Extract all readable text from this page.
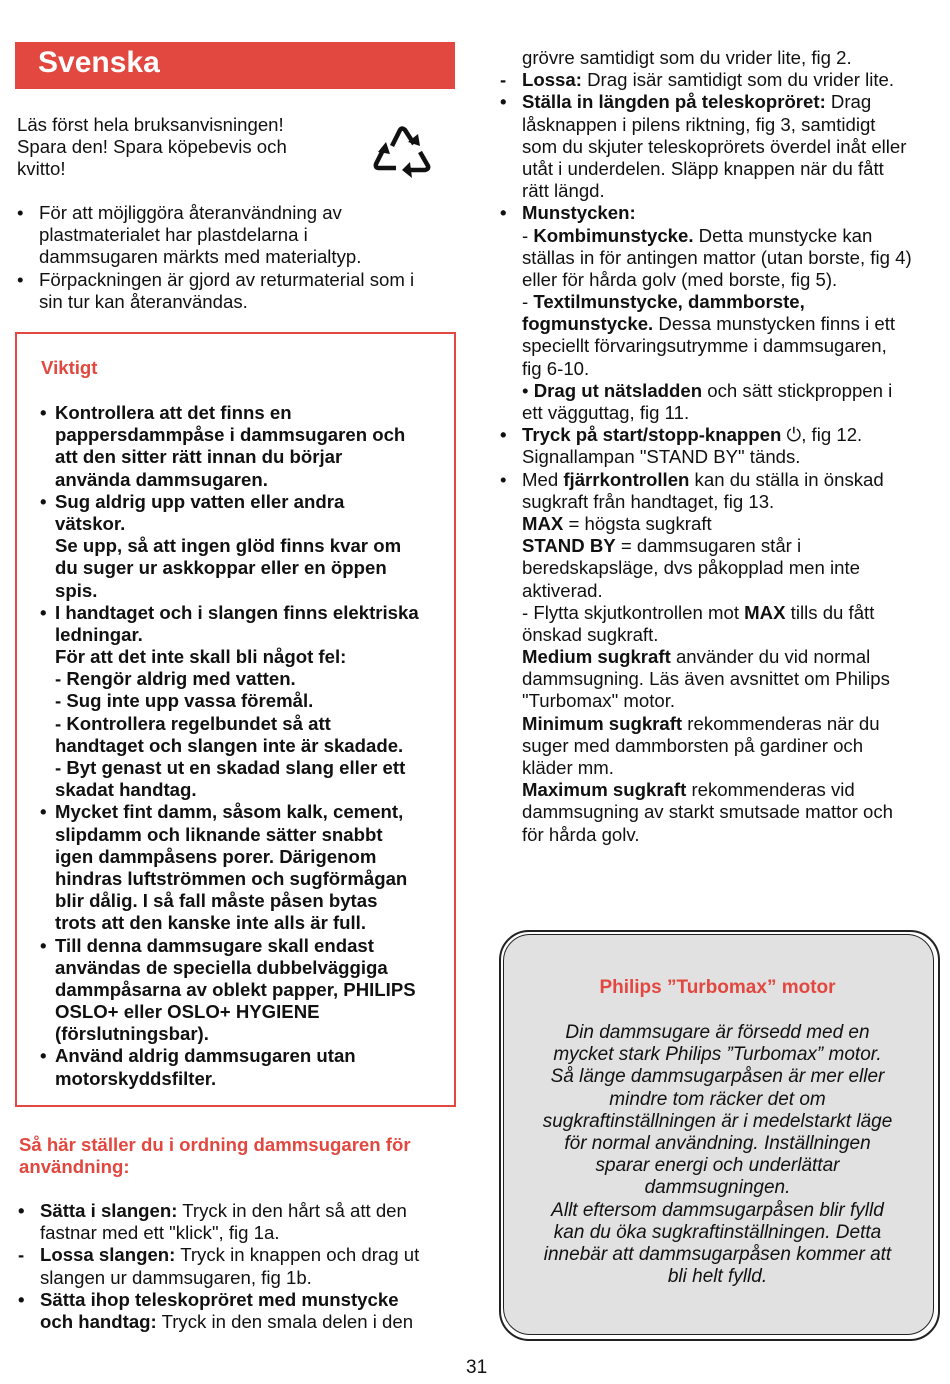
Svenska
Läs först hela bruksanvisningen!
Spara den! Spara köpebevis och
kvitto!
• För att möjliggöra återanvändning av
plastmaterialet har plastdelarna i
dammsugaren märkts med materialtyp.
• Förpackningen är gjord av returmaterial som i
sin tur kan återanvändas.
Viktigt
• Kontrollera att det finns en
pappersdammpåse i dammsugaren och
att den sitter rätt innan du börjar
använda dammsugaren.
• Sug aldrig upp vatten eller andra
vätskor.
Se upp, så att ingen glöd finns kvar om
du suger ur askkoppar eller en öppen
spis.
• I handtaget och i slangen finns elektriska
ledningar.
För att det inte skall bli något fel:
- Rengör aldrig med vatten.
- Sug inte upp vassa föremål.
- Kontrollera regelbundet så att
handtaget och slangen inte är skadade.
- Byt genast ut en skadad slang eller ett
skadat handtag.
• Mycket fint damm, såsom kalk, cement,
slipdamm och liknande sätter snabbt
igen dammpåsens porer. Därigenom
hindras luftströmmen och sugförmågan
blir dålig. I så fall måste påsen bytas
trots att den kanske inte alls är full.
• Till denna dammsugare skall endast
användas de speciella dubbelväggiga
dammpåsarna av oblekt papper, PHILIPS
OSLO+ eller OSLO+ HYGIENE
(förslutningsbar).
• Använd aldrig dammsugaren utan
motorskyddsfilter.
Så här ställer du i ordning dammsugaren för
användning:
• Sätta i slangen: Tryck in den hårt så att den
fastnar med ett "klick", fig 1a.
- Lossa slangen: Tryck in knappen och drag ut
slangen ur dammsugaren, fig 1b.
• Sätta ihop teleskopröret med munstycke
och handtag: Tryck in den smala delen i den
grövre samtidigt som du vrider lite, fig 2.
- Lossa: Drag isär samtidigt som du vrider lite.
• Ställa in längden på teleskopröret: Drag
låsknappen i pilens riktning, fig 3, samtidigt
som du skjuter teleskoprörets överdel inåt eller
utåt i underdelen. Släpp knappen när du fått
rätt längd.
• Munstycken:
- Kombimunstycke. Detta munstycke kan
ställas in för antingen mattor (utan borste, fig 4)
eller för hårda golv (med borste, fig 5).
- Textilmunstycke, dammborste,
fogmunstycke. Dessa munstycken finns i ett
speciellt förvaringsutrymme i dammsugaren,
fig 6-10.
• Drag ut nätsladden och sätt stickproppen i
ett vägguttag, fig 11.
• Tryck på start/stopp-knappen ⏻, fig 12.
Signallampan "STAND BY" tänds.
• Med fjärrkontrollen kan du ställa in önskad
sugkraft från handtaget, fig 13.
MAX = högsta sugkraft
STAND BY = dammsugaren står i
beredskapsläge, dvs påkopplad men inte
aktiverad.
- Flytta skjutkontrollen mot MAX tills du fått
önskad sugkraft.
Medium sugkraft använder du vid normal
dammsugning. Läs även avsnittet om Philips
"Turbomax" motor.
Minimum sugkraft rekommenderas när du
suger med dammborsten på gardiner och
kläder mm.
Maximum sugkraft rekommenderas vid
dammsugning av starkt smutsade mattor och
för hårda golv.
Philips ”Turbomax” motor
Din dammsugare är försedd med en
mycket stark Philips ”Turbomax” motor.
Så länge dammsugarpåsen är mer eller
mindre tom räcker det om
sugkraftinställningen är i medelstarkt läge
för normal användning. Inställningen
sparar energi och underlättar
dammsugningen.
Allt eftersom dammsugarpåsen blir fylld
kan du öka sugkraftinställningen. Detta
innebär att dammsugarpåsen kommer att
bli helt fylld.
31
